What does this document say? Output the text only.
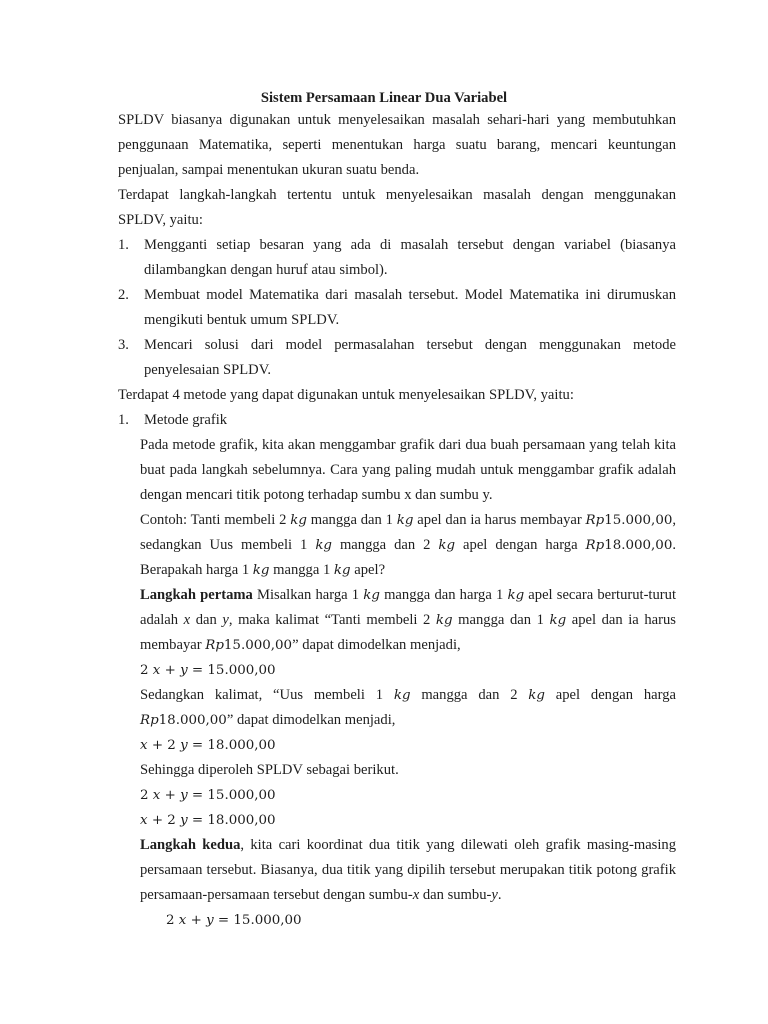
Sistem Persamaan Linear Dua Variabel

SPLDV biasanya digunakan untuk menyelesaikan masalah sehari-hari yang membutuhkan penggunaan Matematika, seperti menentukan harga suatu barang, mencari keuntungan penjualan, sampai menentukan ukuran suatu benda.

Terdapat langkah-langkah tertentu untuk menyelesaikan masalah dengan menggunakan SPLDV, yaitu:

1. Mengganti setiap besaran yang ada di masalah tersebut dengan variabel (biasanya dilambangkan dengan huruf atau simbol).
2. Membuat model Matematika dari masalah tersebut. Model Matematika ini dirumuskan mengikuti bentuk umum SPLDV.
3. Mencari solusi dari model permasalahan tersebut dengan menggunakan metode penyelesaian SPLDV.

Terdapat 4 metode yang dapat digunakan untuk menyelesaikan SPLDV, yaitu:

1. Metode grafik

Pada metode grafik, kita akan menggambar grafik dari dua buah persamaan yang telah kita buat pada langkah sebelumnya. Cara yang paling mudah untuk menggambar grafik adalah dengan mencari titik potong terhadap sumbu x dan sumbu y.

Contoh: Tanti membeli 2 kg mangga dan 1 kg apel dan ia harus membayar Rp15.000,00, sedangkan Uus membeli 1 kg mangga dan 2 kg apel dengan harga Rp18.000,00. Berapakah harga 1 kg mangga 1 kg apel?

Langkah pertama Misalkan harga 1 kg mangga dan harga 1 kg apel secara berturut-turut adalah x dan y, maka kalimat “Tanti membeli 2 kg mangga dan 1 kg apel dan ia harus membayar Rp15.000,00” dapat dimodelkan menjadi,

2 x + y = 15.000,00

Sedangkan kalimat, “Uus membeli 1 kg mangga dan 2 kg apel dengan harga Rp18.000,00” dapat dimodelkan menjadi,

x + 2 y = 18.000,00

Sehingga diperoleh SPLDV sebagai berikut.

2 x + y = 15.000,00

x + 2 y = 18.000,00

Langkah kedua, kita cari koordinat dua titik yang dilewati oleh grafik masing-masing persamaan tersebut. Biasanya, dua titik yang dipilih tersebut merupakan titik potong grafik persamaan-persamaan tersebut dengan sumbu-x dan sumbu-y.

2 x + y = 15.000,00
